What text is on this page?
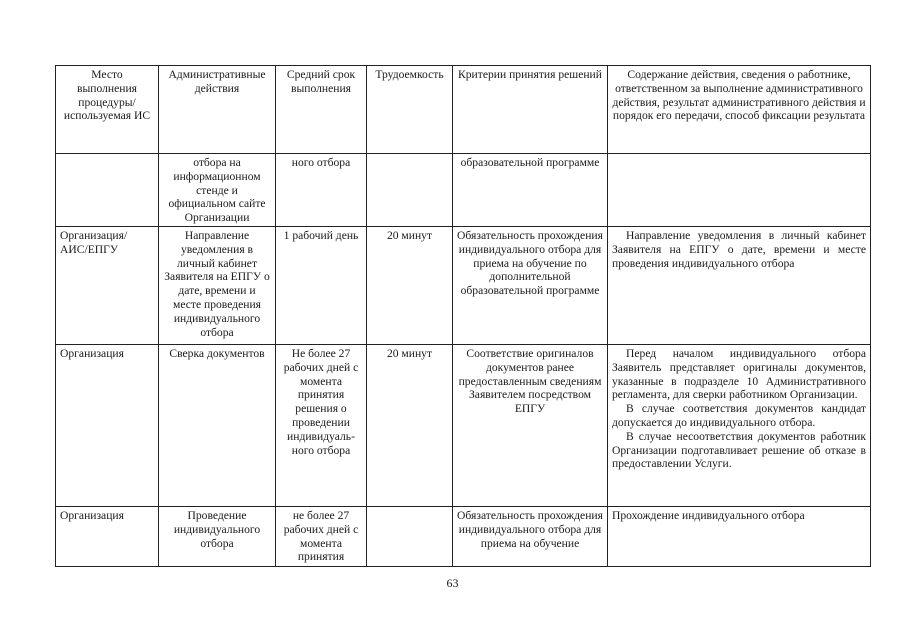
Место выполнения процедуры/ используемая ИС	Административные действия	Средний срок выполнения	Трудоемкость	Критерии принятия решений	Содержание действия, сведения о работнике, ответственном за выполнение административного действия, результат административного действия и порядок его передачи, способ фиксации результата
	отбора на информационном стенде и официальном сайте Организации	ного отбора		образовательной программе	
Организация/ АИС/ЕПГУ	Направление уведомления в личный кабинет Заявителя на ЕПГУ о дате, времени и месте проведения индивидуального отбора	1 рабочий день	20 минут	Обязательность прохождения индивидуального отбора для приема на обучение по дополнительной образовательной программе	Направление уведомления в личный кабинет Заявителя на ЕПГУ о дате, времени и месте проведения индивидуального отбора

Организация	Сверка документов	Не более 27 рабочих дней с момента принятия решения о проведении индивидуаль-ного отбора	20 минут	Соответствие оригиналов документов ранее предоставленным сведениям Заявителем посредством ЕПГУ	Перед началом индивидуального отбора Заявитель представляет оригиналы документов, указанные в подразделе 10 Административного регламента, для сверки работником Организации.
В случае соответствия документов кандидат допускается до индивидуального отбора.
В случае несоответствия документов работник Организации подготавливает решение об отказе в предоставлении Услуги.

Организация	Проведение индивидуального отбора	не более 27 рабочих дней с момента принятия		Обязательность прохождения индивидуального отбора для приема на обучение	Прохождение индивидуального отбора
63
